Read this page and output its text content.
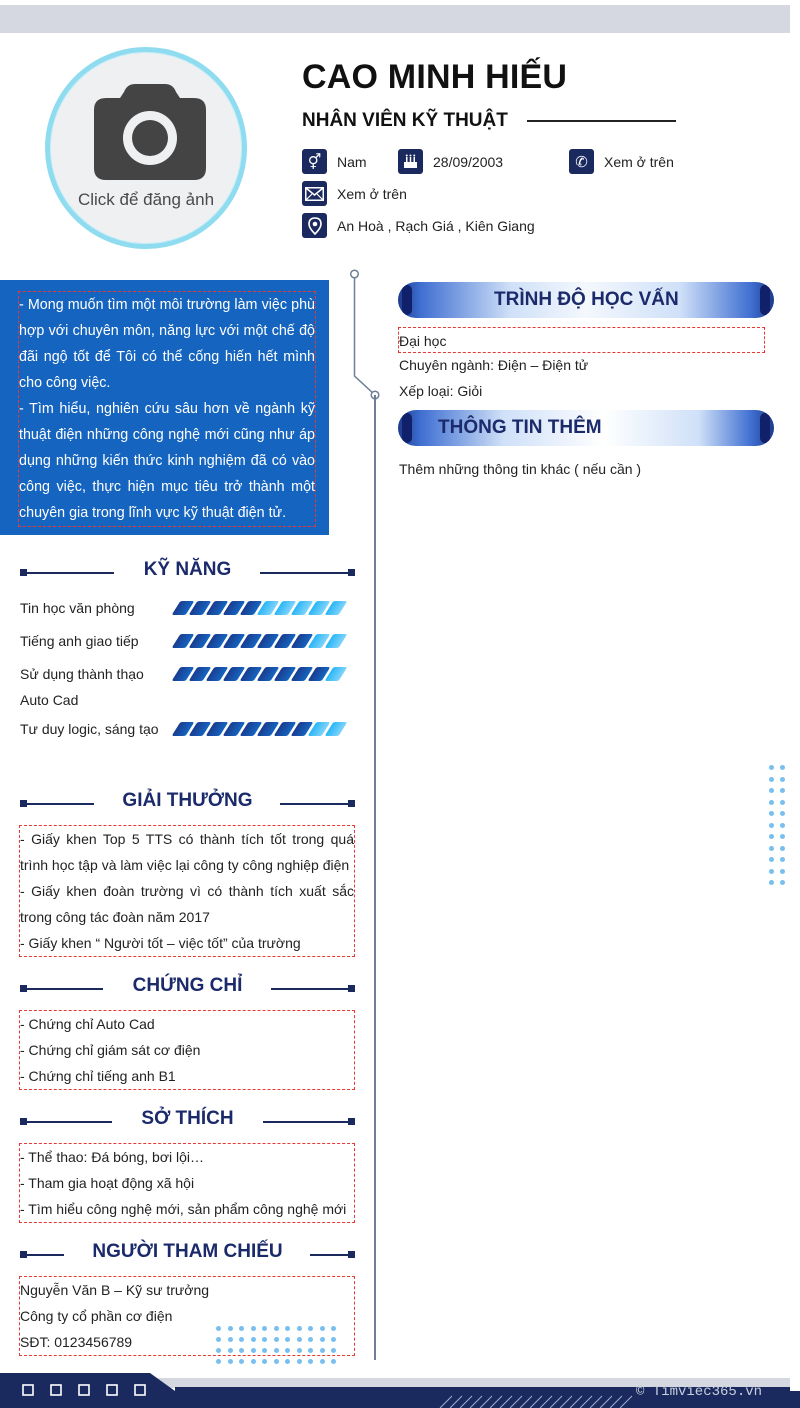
Click để đăng ảnh
CAO MINH HIẾU
NHÂN VIÊN KỸ THUẬT
⚥	Nam	28/09/2003	✆	Xem ở trên
Xem ở trên
An Hoà , Rạch Giá , Kiên Giang
- Mong muốn tìm một môi trường làm việc phù hợp với chuyên môn, năng lực với một chế độ đãi ngộ tốt để Tôi có thể cống hiến hết mình cho công việc.
- Tìm hiểu, nghiên cứu sâu hơn về ngành kỹ thuật điện những công nghệ mới cũng như áp dụng những kiến thức kinh nghiệm đã có vào công việc, thực hiện mục tiêu trở thành một chuyên gia trong lĩnh vực kỹ thuật điện tử.
KỸ NĂNG
Tin học văn phòng
Tiếng anh giao tiếp
Sử dụng thành thạo Auto Cad
Tư duy logic, sáng tạo
GIẢI THƯỞNG
- Giấy khen Top 5 TTS có thành tích tốt trong quá trình học tập và làm việc lại công ty công nghiệp điện
- Giấy khen đoàn trường vì có thành tích xuất sắc trong công tác đoàn năm 2017
- Giấy khen “ Người tốt – việc tốt” của trường
CHỨNG CHỈ
- Chứng chỉ Auto Cad
- Chứng chỉ giám sát cơ điện
- Chứng chỉ tiếng anh B1
SỞ THÍCH
- Thể thao: Đá bóng, bơi lội…
- Tham gia hoạt động xã hội
- Tìm hiểu công nghệ mới, sản phẩm công nghệ mới
NGƯỜI THAM CHIẾU
Nguyễn Văn B – Kỹ sư trưởng
Công ty cổ phần cơ điện
SĐT: 0123456789
TRÌNH ĐỘ HỌC VẤN
Đại học
Chuyên ngành: Điện – Điện tử
Xếp loại: Giỏi
THÔNG TIN THÊM
Thêm những thông tin khác ( nếu cần )
© Timviec365.vn
